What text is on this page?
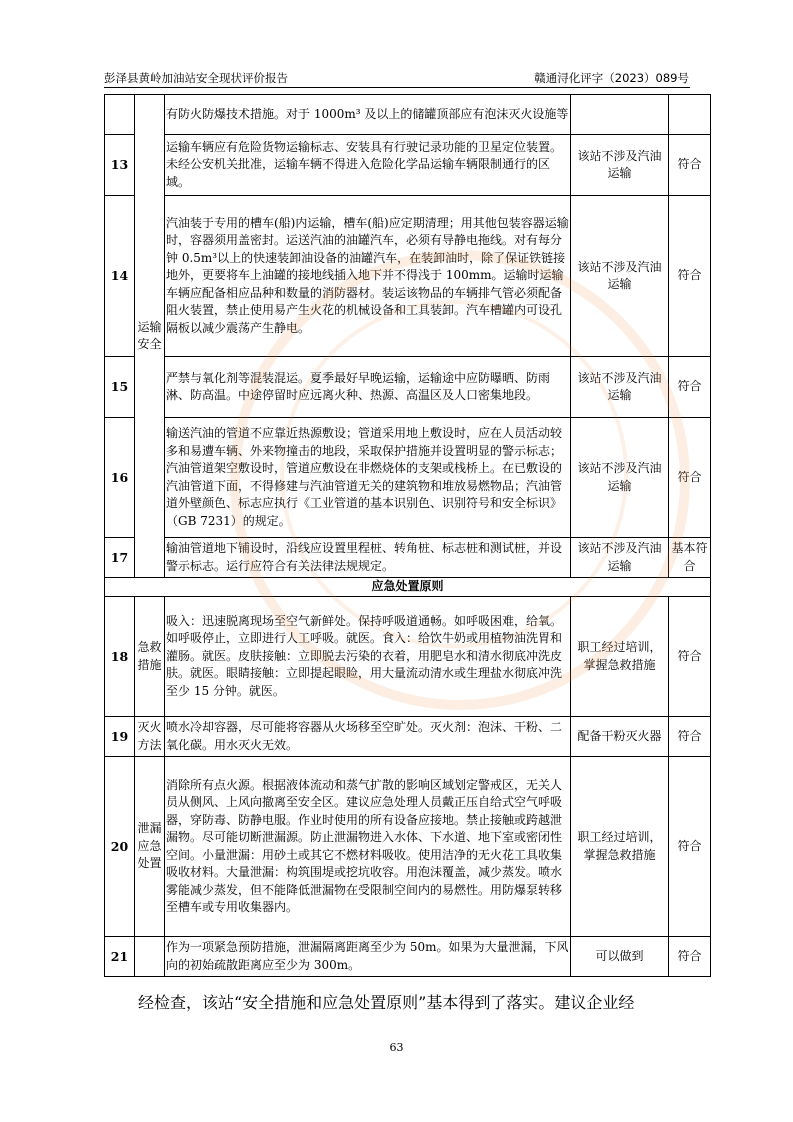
彭泽县黄岭加油站安全现状评价报告	赣通浔化评字（2023）089号
	运输安全	有防火防爆技术措施。对于 1000m³ 及以上的储罐顶部应有泡沫灭火设施等		
13		运输车辆应有危险货物运输标志、安装具有行驶记录功能的卫星定位装置。未经公安机关批准，运输车辆不得进入危险化学品运输车辆限制通行的区域。	该站不涉及汽油运输	符合
14		汽油装于专用的槽车(船)内运输，槽车(船)应定期清理；用其他包装容器运输时，容器须用盖密封。运送汽油的油罐汽车，必须有导静电拖线。对有每分钟 0.5m³以上的快速装卸油设备的油罐汽车，在装卸油时，除了保证铁链接地外，更要将车上油罐的接地线插入地下并不得浅于 100mm。运输时运输车辆应配备相应品种和数量的消防器材。装运该物品的车辆排气管必须配备阻火装置，禁止使用易产生火花的机械设备和工具装卸。汽车槽罐内可设孔隔板以减少震荡产生静电。	该站不涉及汽油运输	符合
15		严禁与氧化剂等混装混运。夏季最好早晚运输，运输途中应防曝晒、防雨淋、防高温。中途停留时应远离火种、热源、高温区及人口密集地段。	该站不涉及汽油运输	符合
16		输送汽油的管道不应靠近热源敷设；管道采用地上敷设时，应在人员活动较多和易遭车辆、外来物撞击的地段，采取保护措施并设置明显的警示标志；汽油管道架空敷设时，管道应敷设在非燃烧体的支架或栈桥上。在已敷设的汽油管道下面，不得修建与汽油管道无关的建筑物和堆放易燃物品；汽油管道外壁颜色、标志应执行《工业管道的基本识别色、识别符号和安全标识》（GB 7231）的规定。	该站不涉及汽油运输	符合
17		输油管道地下铺设时，沿线应设置里程桩、转角桩、标志桩和测试桩，并设警示标志。运行应符合有关法律法规规定。	该站不涉及汽油运输	基本符合
应急处置原则				
18	急救措施	吸入：迅速脱离现场至空气新鲜处。保持呼吸道通畅。如呼吸困难，给氧。如呼吸停止，立即进行人工呼吸。就医。食入：给饮牛奶或用植物油洗胃和灌肠。就医。皮肤接触：立即脱去污染的衣着，用肥皂水和清水彻底冲洗皮肤。就医。眼睛接触：立即提起眼睑，用大量流动清水或生理盐水彻底冲洗至少 15 分钟。就医。	职工经过培训，掌握急救措施	符合
19	灭火方法	喷水冷却容器，尽可能将容器从火场移至空旷处。灭火剂：泡沫、干粉、二氧化碳。用水灭火无效。	配备干粉灭火器	符合
20	泄漏应急处置	消除所有点火源。根据液体流动和蒸气扩散的影响区域划定警戒区，无关人员从侧风、上风向撤离至安全区。建议应急处理人员戴正压自给式空气呼吸器，穿防毒、防静电服。作业时使用的所有设备应接地。禁止接触或跨越泄漏物。尽可能切断泄漏源。防止泄漏物进入水体、下水道、地下室或密闭性空间。小量泄漏：用砂土或其它不燃材料吸收。使用洁净的无火花工具收集吸收材料。大量泄漏：构筑围堤或挖坑收容。用泡沫覆盖，减少蒸发。喷水雾能减少蒸发，但不能降低泄漏物在受限制空间内的易燃性。用防爆泵转移至槽车或专用收集器内。	职工经过培训，掌握急救措施	符合
21		作为一项紧急预防措施，泄漏隔离距离至少为 50m。如果为大量泄漏，下风向的初始疏散距离应至少为 300m。	可以做到	符合
经检查，该站“安全措施和应急处置原则”基本得到了落实。建议企业经
63
